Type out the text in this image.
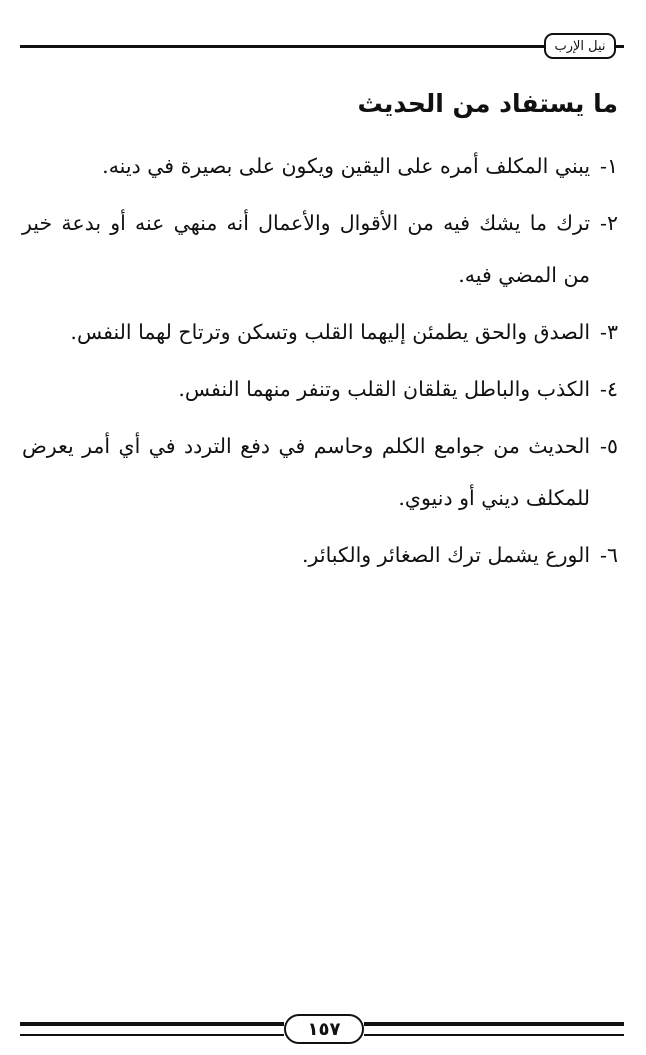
نيل الإرب
ما يستفاد من الحديث
١-
يبني المكلف أمره على اليقين ويكون على بصيرة في دينه.
٢-
ترك ما يشك فيه من الأقوال والأعمال أنه منهي عنه أو بدعة خير من المضي فيه.
٣-
الصدق والحق يطمئن إليهما القلب وتسكن وترتاح لهما النفس.
٤-
الكذب والباطل يقلقان القلب وتنفر منهما النفس.
٥-
الحديث من جوامع الكلم وحاسم في دفع التردد في أي أمر يعرض للمكلف ديني أو دنيوي.
٦-
الورع يشمل ترك الصغائر والكبائر.
١٥٧
